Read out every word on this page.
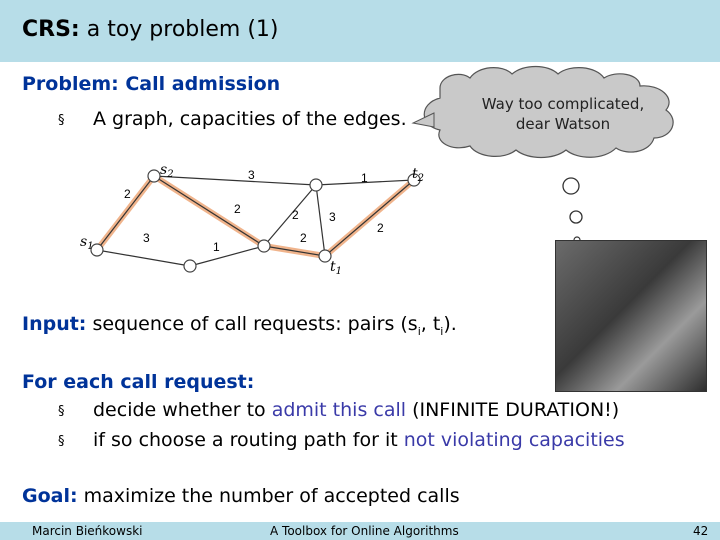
CRS: a toy problem (1)
Problem: Call admission
§ A graph, capacities of the edges.
$s_1$
$s_2$
$t_1$
$t_2$
2
3
2
1
3	1
2	3
2
2
Way too complicated,
dear Watson
Input: sequence of call requests: pairs ($s_i$, $t_i$).
For each call request:
§ decide whether to admit this call (INFINITE DURATION!)
§ if so choose a routing path for it not violating capacities
Goal: maximize the number of accepted calls
Marcin Bieńkowski	A Toolbox for Online Algorithms	42
